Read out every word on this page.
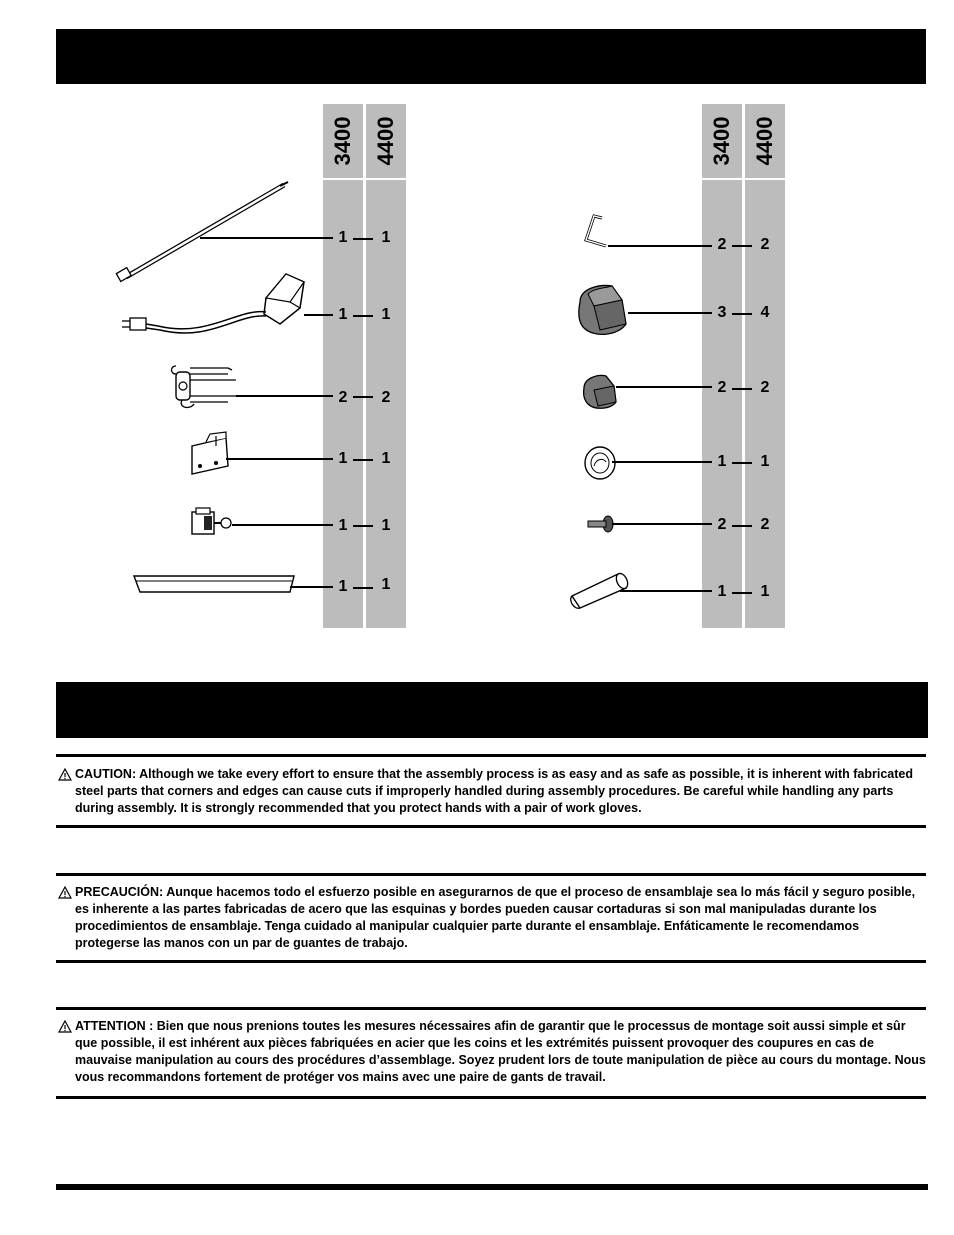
3400 4400	3400 4400
1	1
1	1
2	2
1	1
1	1
1	1
2	2
3	4
2	2
1	1
2	2
1	1
CAUTION: Although we take every effort to ensure that the assembly process is as easy and as safe as possible, it is inherent with fabricated steel parts that corners and edges can cause cuts if improperly handled during assembly procedures. Be careful while handling any parts during assembly. It is strongly recommended that you protect hands with a pair of work gloves.
PRECAUCIÓN: Aunque hacemos todo el esfuerzo posible en asegurarnos de que el proceso de ensamblaje sea lo más fácil y seguro posible, es inherente a las partes fabricadas de acero que las esquinas y bordes pueden causar cortaduras si son mal manipuladas durante los procedimientos de ensamblaje. Tenga cuidado al manipular cualquier parte durante el ensamblaje. Enfáticamente le recomendamos protegerse las manos con un par de guantes de trabajo.
ATTENTION : Bien que nous prenions toutes les mesures nécessaires afin de garantir que le processus de montage soit aussi simple et sûr que possible, il est inhérent aux pièces fabriquées en acier que les coins et les extrémités puissent provoquer des coupures en cas de mauvaise manipulation au cours des procédures d’assemblage. Soyez prudent lors de toute manipulation de pièce au cours du montage. Nous vous recommandons fortement de protéger vos mains avec une paire de gants de travail.
